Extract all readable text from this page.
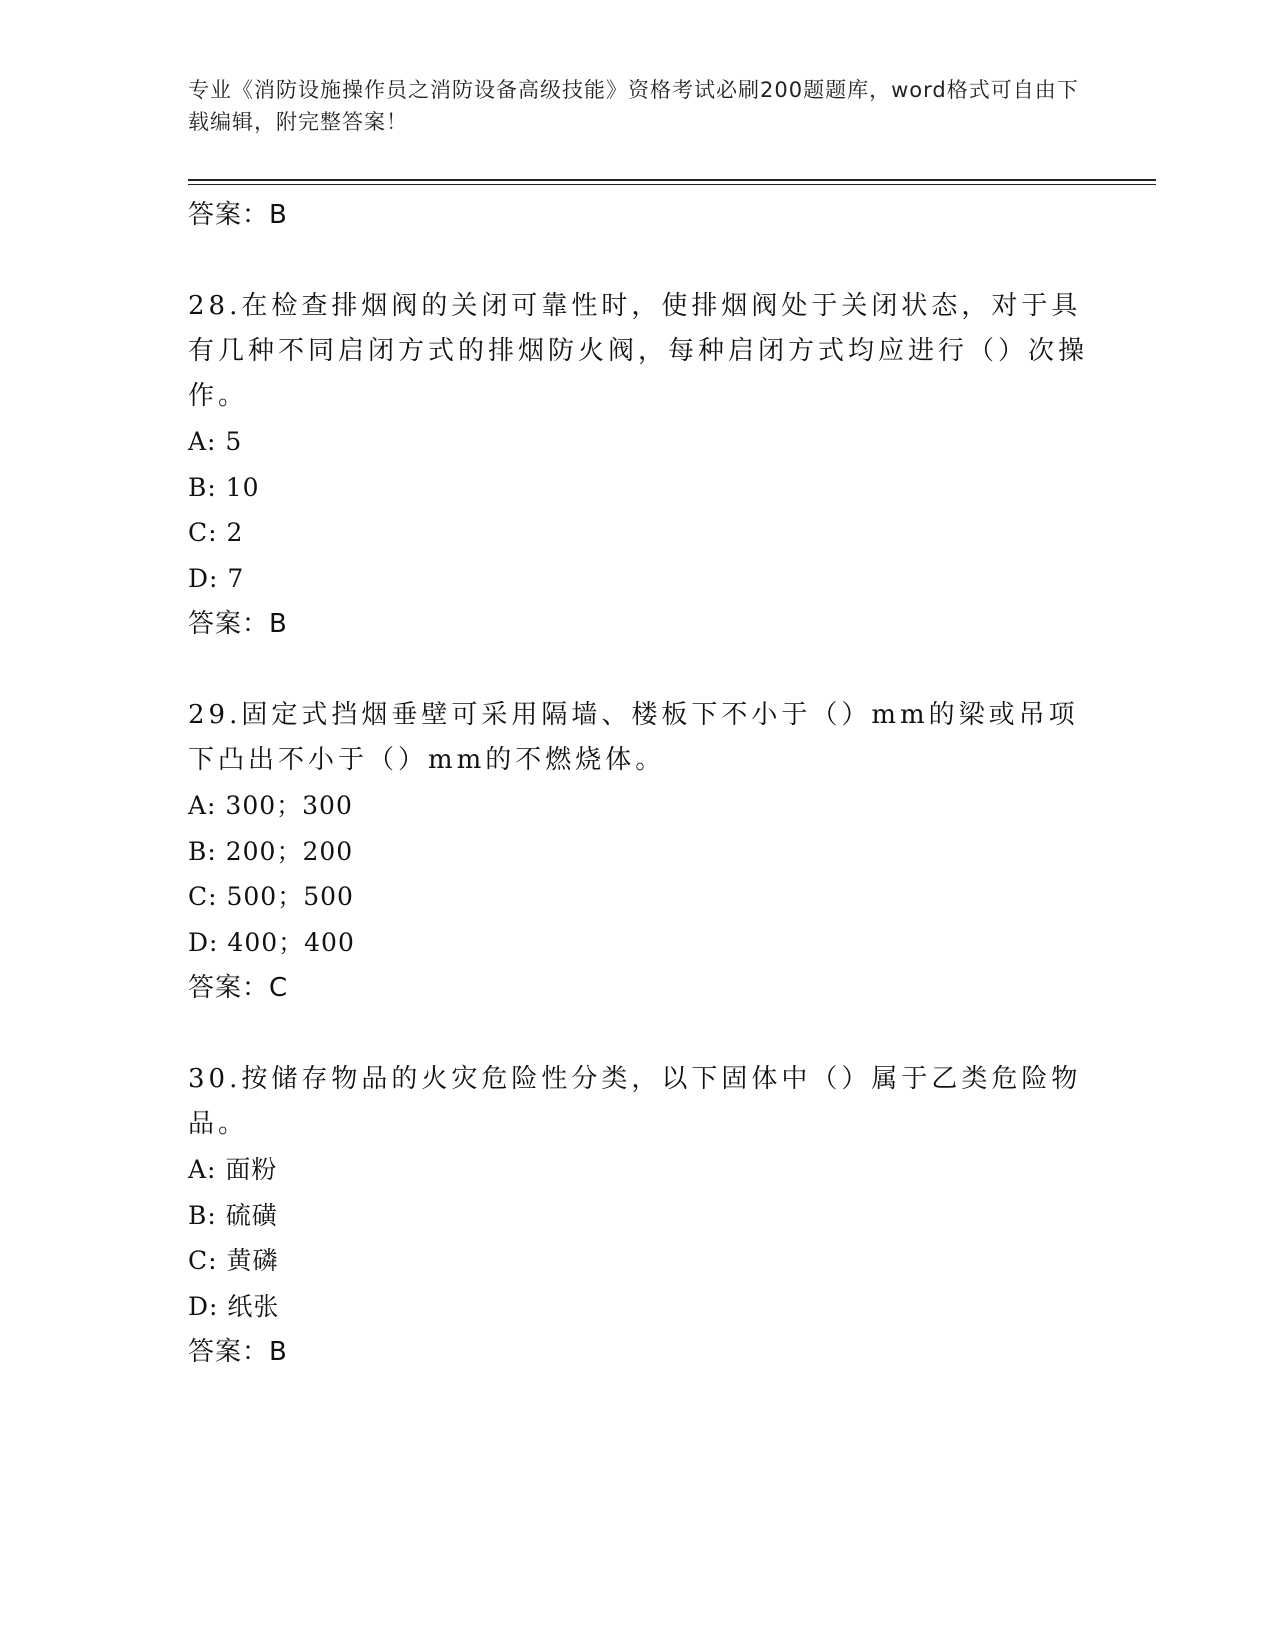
专业《消防设施操作员之消防设备高级技能》资格考试必刷200题题库，word格式可自由下载编辑，附完整答案！
答案：B
28.在检查排烟阀的关闭可靠性时，使排烟阀处于关闭状态，对于具有几种不同启闭方式的排烟防火阀，每种启闭方式均应进行（）次操作。
A: 5
B: 10
C: 2
D: 7
答案：B
29.固定式挡烟垂壁可采用隔墙、楼板下不小于（）mm的梁或吊项下凸出不小于（）mm的不燃烧体。
A: 300；300
B: 200；200
C: 500；500
D: 400；400
答案：C
30.按储存物品的火灾危险性分类，以下固体中（）属于乙类危险物品。
A: 面粉
B: 硫磺
C: 黄磷
D: 纸张
答案：B
